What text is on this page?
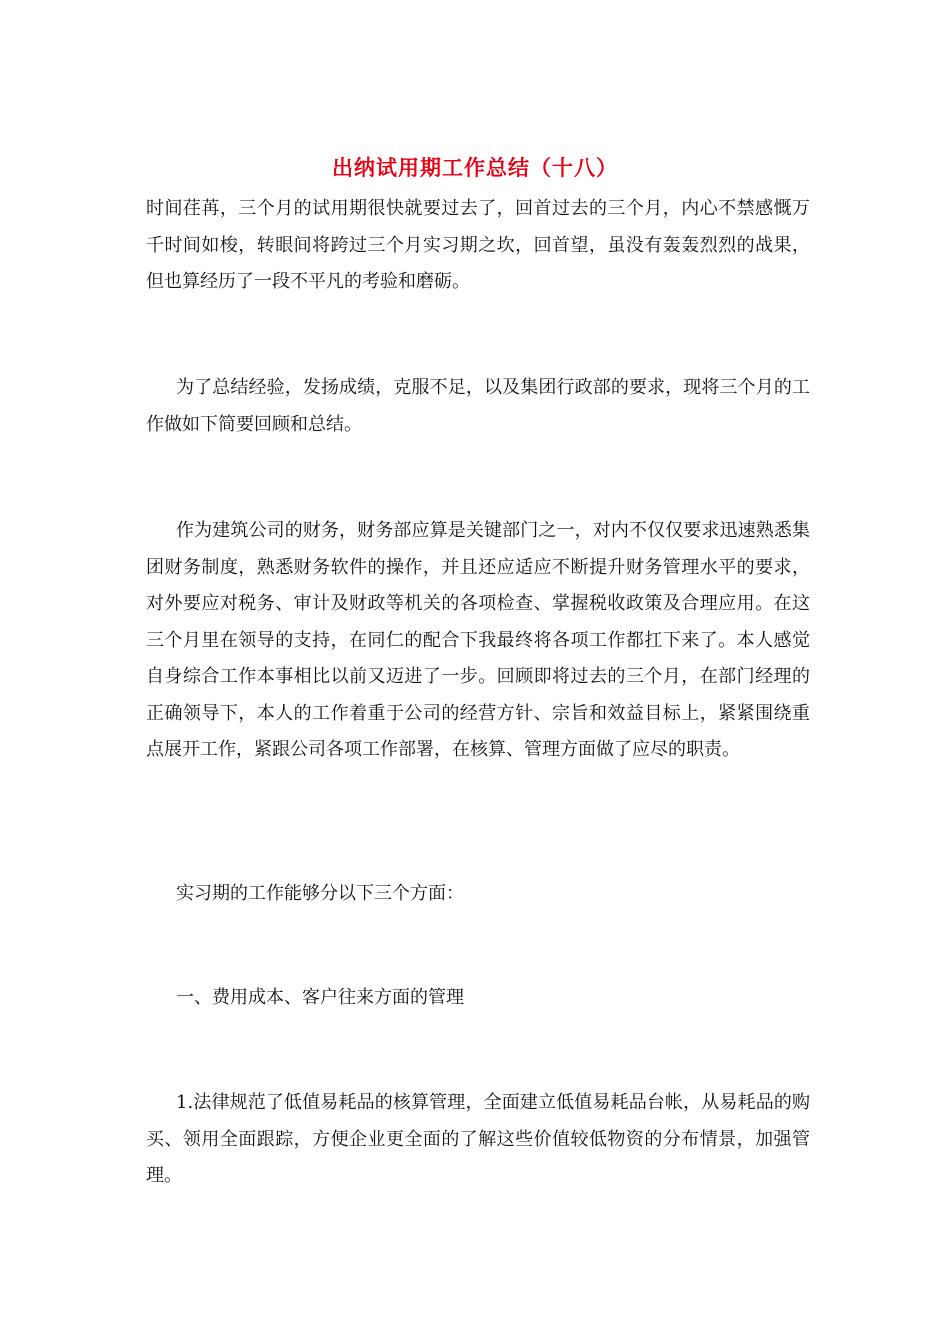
出纳试用期工作总结（十八）

时间荏苒，三个月的试用期很快就要过去了，回首过去的三个月，内心不禁感慨万千时间如梭，转眼间将跨过三个月实习期之坎，回首望，虽没有轰轰烈烈的战果，但也算经历了一段不平凡的考验和磨砺。

为了总结经验，发扬成绩，克服不足，以及集团行政部的要求，现将三个月的工作做如下简要回顾和总结。

作为建筑公司的财务，财务部应算是关键部门之一，对内不仅仅要求迅速熟悉集团财务制度，熟悉财务软件的操作，并且还应适应不断提升财务管理水平的要求，对外要应对税务、审计及财政等机关的各项检查、掌握税收政策及合理应用。在这三个月里在领导的支持，在同仁的配合下我最终将各项工作都扛下来了。本人感觉自身综合工作本事相比以前又迈进了一步。回顾即将过去的三个月，在部门经理的正确领导下，本人的工作着重于公司的经营方针、宗旨和效益目标上，紧紧围绕重点展开工作，紧跟公司各项工作部署，在核算、管理方面做了应尽的职责。

实习期的工作能够分以下三个方面：

一、费用成本、客户往来方面的管理

1.法律规范了低值易耗品的核算管理，全面建立低值易耗品台帐，从易耗品的购买、领用全面跟踪，方便企业更全面的了解这些价值较低物资的分布情景，加强管理。
